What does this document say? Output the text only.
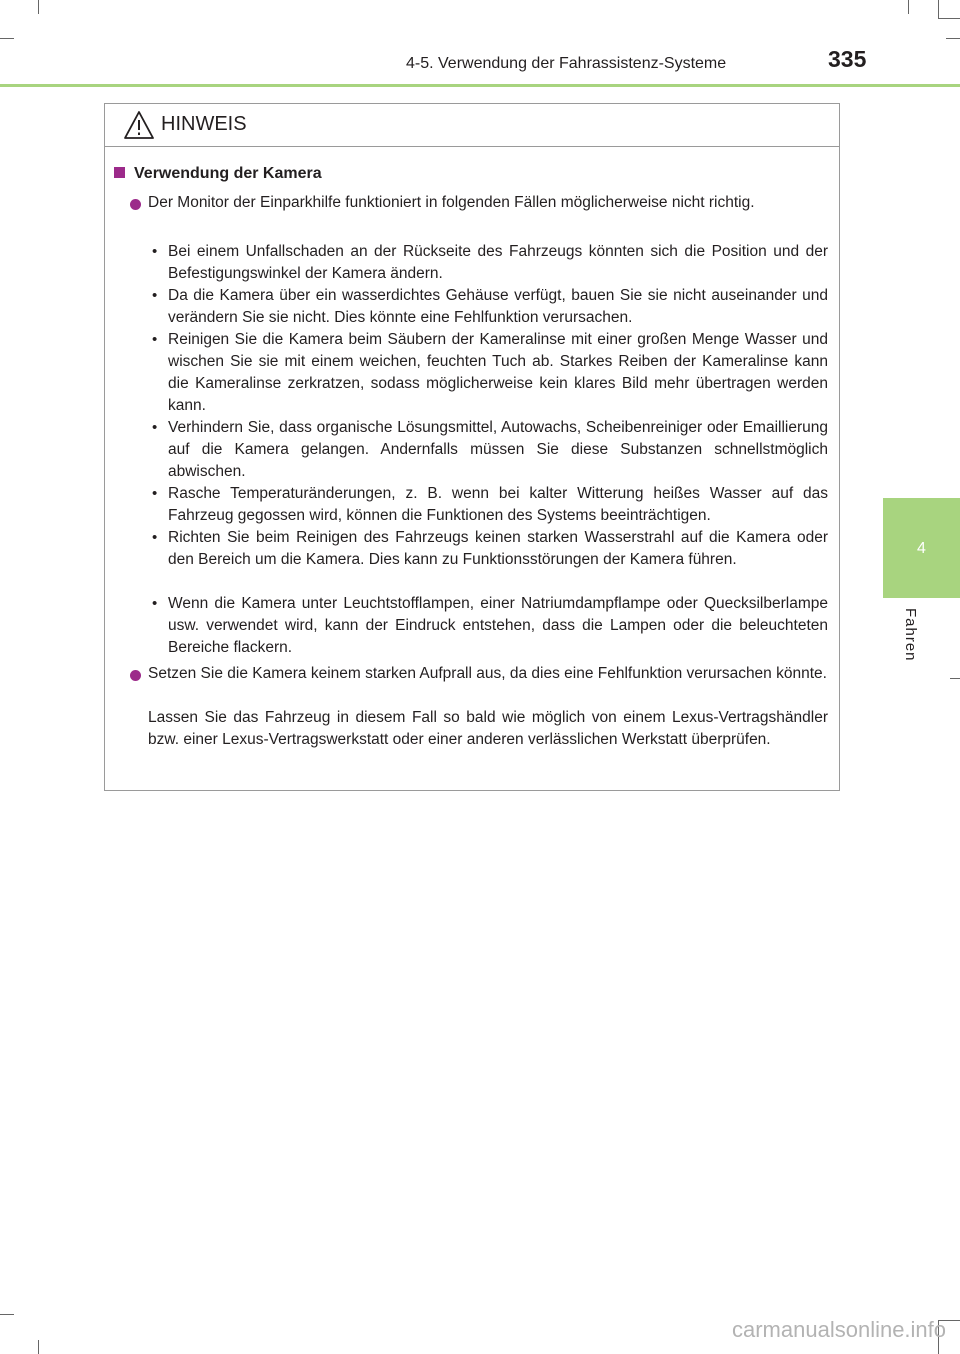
4-5. Verwendung der Fahrassistenz-Systeme	335
4
Fahren
HINWEIS
Verwendung der Kamera
Der Monitor der Einparkhilfe funktioniert in folgenden Fällen möglicherweise nicht richtig.
• Bei einem Unfallschaden an der Rückseite des Fahrzeugs könnten sich die Position und der Befestigungswinkel der Kamera ändern.
• Da die Kamera über ein wasserdichtes Gehäuse verfügt, bauen Sie sie nicht auseinander und verändern Sie sie nicht. Dies könnte eine Fehlfunktion verursachen.
• Reinigen Sie die Kamera beim Säubern der Kameralinse mit einer großen Menge Wasser und wischen Sie sie mit einem weichen, feuchten Tuch ab. Starkes Reiben der Kameralinse kann die Kameralinse zerkratzen, sodass möglicherweise kein klares Bild mehr übertragen werden kann.
• Verhindern Sie, dass organische Lösungsmittel, Autowachs, Scheibenreiniger oder Emaillierung auf die Kamera gelangen. Andernfalls müssen Sie diese Substanzen schnellstmöglich abwischen.
• Rasche Temperaturänderungen, z. B. wenn bei kalter Witterung heißes Wasser auf das Fahrzeug gegossen wird, können die Funktionen des Systems beeinträchtigen.
• Richten Sie beim Reinigen des Fahrzeugs keinen starken Wasserstrahl auf die Kamera oder den Bereich um die Kamera. Dies kann zu Funktionsstörungen der Kamera führen.
• Wenn die Kamera unter Leuchtstofflampen, einer Natriumdampflampe oder Quecksilberlampe usw. verwendet wird, kann der Eindruck entstehen, dass die Lampen oder die beleuchteten Bereiche flackern.
Setzen Sie die Kamera keinem starken Aufprall aus, da dies eine Fehlfunktion verursachen könnte.
Lassen Sie das Fahrzeug in diesem Fall so bald wie möglich von einem Lexus-Vertragshändler bzw. einer Lexus-Vertragswerkstatt oder einer anderen verlässlichen Werkstatt überprüfen.
carmanualsonline.info
